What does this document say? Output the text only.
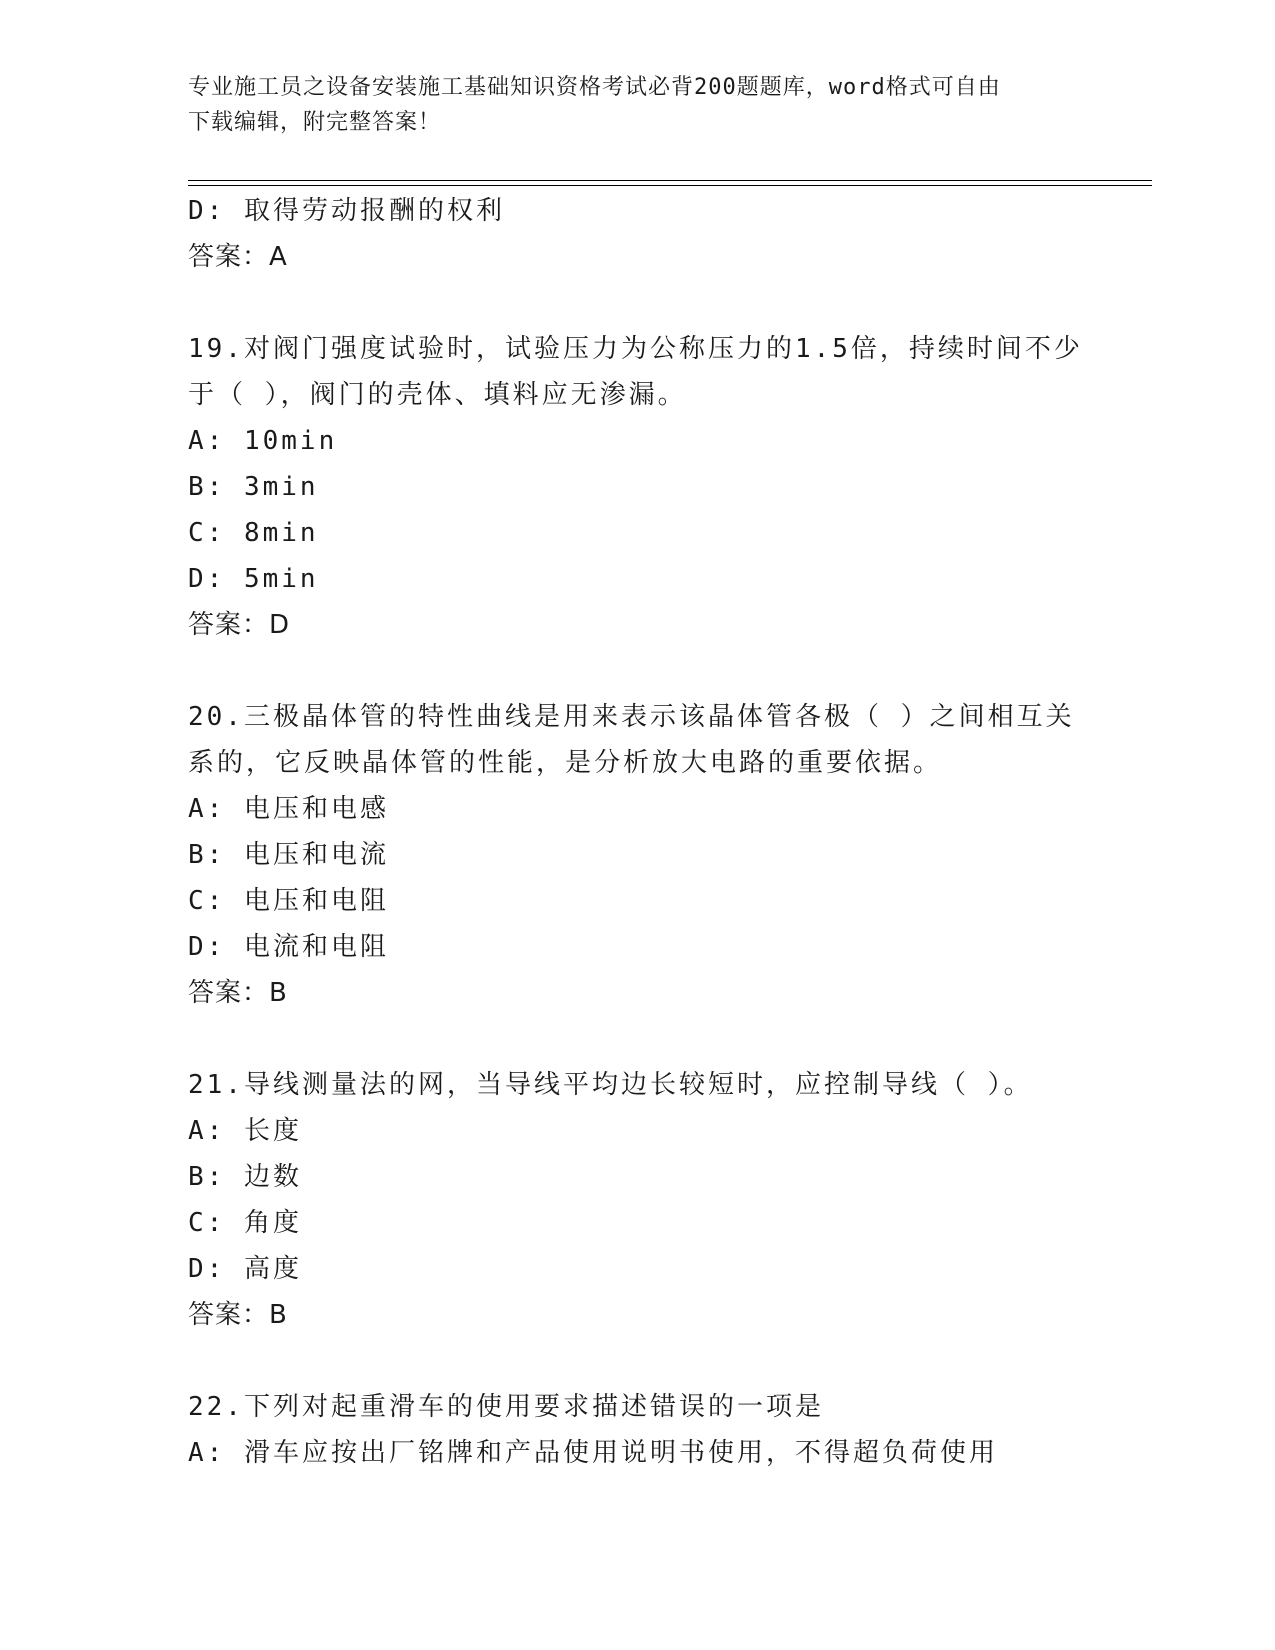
专业施工员之设备安装施工基础知识资格考试必背200题题库，word格式可自由
下载编辑，附完整答案！
D: 取得劳动报酬的权利
答案：A
19.对阀门强度试验时，试验压力为公称压力的1.5倍，持续时间不少
于（ ），阀门的壳体、填料应无渗漏。
A: 10min
B: 3min
C: 8min
D: 5min
答案：D
20.三极晶体管的特性曲线是用来表示该晶体管各极（ ）之间相互关
系的，它反映晶体管的性能，是分析放大电路的重要依据。
A: 电压和电感
B: 电压和电流
C: 电压和电阻
D: 电流和电阻
答案：B
21.导线测量法的网，当导线平均边长较短时，应控制导线（ ）。
A: 长度
B: 边数
C: 角度
D: 高度
答案：B
22.下列对起重滑车的使用要求描述错误的一项是
A: 滑车应按出厂铭牌和产品使用说明书使用，不得超负荷使用
